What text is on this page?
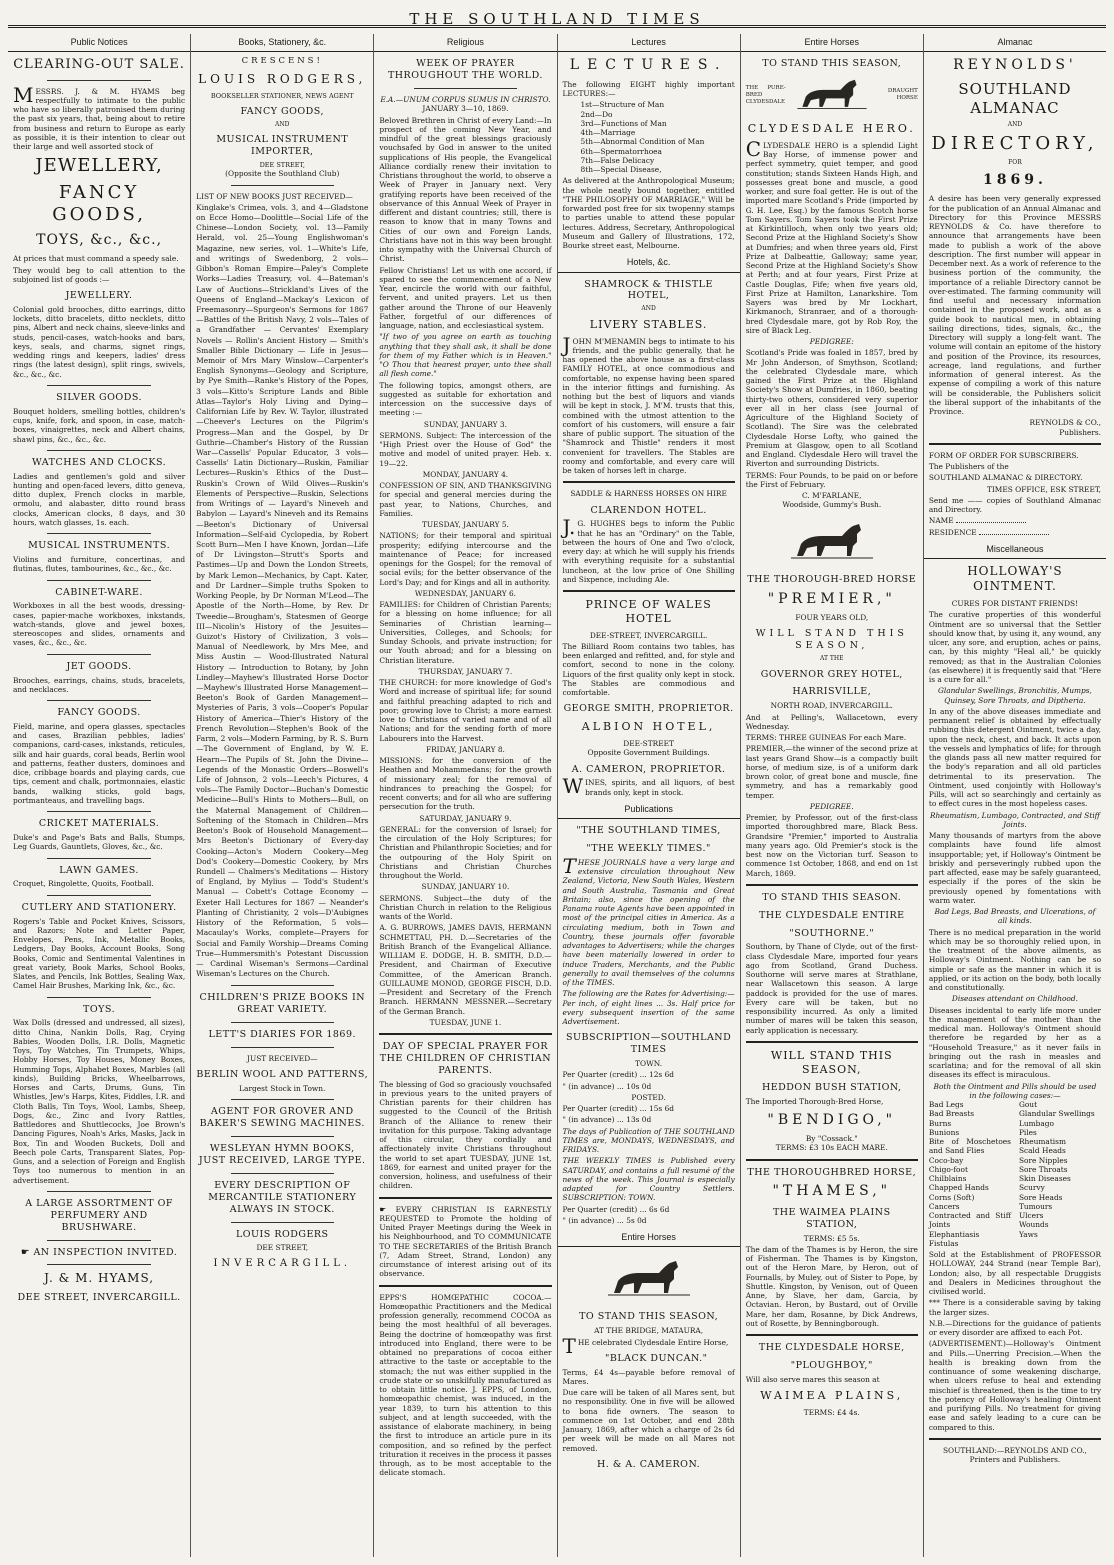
THE SOUTHLAND TIMES
Public Notices
CLEARING-OUT SALE.

MESSRS. J. & M. HYAMS beg respectfully to intimate to the public who have so liberally patronised them during the past six years, that, being about to retire from business and return to Europe as early as possible, it is their intention to clear out their large and well assorted stock of

JEWELLERY,
FANCY GOODS,
TOYS, &c., &c.,

At prices that must command a speedy sale.

They would beg to call attention to the subjoined list of goods :—

JEWELLERY.

Colonial gold brooches, ditto earrings, ditto lockets, ditto bracelets, ditto necklets, ditto pins, Albert and neck chains, sleeve-links and studs, pencil-cases, watch-hooks and bars, keys, seals, and charms, signet rings, wedding rings and keepers, ladies' dress rings (the latest design), split rings, swivels, &c., &c., &c.

SILVER GOODS.

Bouquet holders, smelling bottles, children's cups, knife, fork, and spoon, in case, match-boxes, vinaigrettes, neck and Albert chains, shawl pins, &c., &c., &c.

WATCHES AND CLOCKS.

Ladies and gentlemen's gold and silver hunting and open-faced levers, ditto geneva, ditto duplex, French clocks in marble, ormolu, and alabaster, ditto round brass clocks, American clocks, 8 days, and 30 hours, watch glasses, 1s. each.

MUSICAL INSTRUMENTS.

Violins and furniture, concertinas, and flutinas, flutes, tambourines, &c., &c., &c.

CABINET-WARE.

Workboxes in all the best woods, dressing-cases, papier-mache workboxes, inkstands, watch-stands, glove and jewel boxes, stereoscopes and slides, ornaments and vases, &c., &c., &c.

JET GOODS.

Brooches, earrings, chains, studs, bracelets, and necklaces.

FANCY GOODS.

Field, marine, and opera glasses, spectacles and cases, Brazilian pebbles, ladies' companions, card-cases, inkstands, reticules, silk and hair guards, coral beads, Berlin wool and patterns, feather dusters, dominoes and dice, cribbage boards and playing cards, cue tips, cement and chalk, portmonnaies, elastic bands, walking sticks, gold bags, portmanteaus, and travelling bags.

CRICKET MATERIALS.

Duke's and Page's Bats and Balls, Stumps, Leg Guards, Gauntlets, Gloves, &c., &c.

LAWN GAMES.

Croquet, Ringolette, Quoits, Football.

CUTLERY AND STATIONERY.

Rogers's Table and Pocket Knives, Scissors, and Razors; Note and Letter Paper, Envelopes, Pens, Ink, Metallic Books, Ledgers, Day Books, Account Books, Song Books, Comic and Sentimental Valentines in great variety, Book Marks, School Books, Slates, and Pencils, Ink Bottles, Sealing Wax, Camel Hair Brushes, Marking Ink, &c., &c.

TOYS.

Wax Dolls (dressed and undressed, all sizes), ditto China, Nankin Dolls, Rag, Crying Babies, Wooden Dolls, I.R. Dolls, Magnetic Toys, Toy Watches, Tin Trumpets, Whips, Hobby Horses, Toy Houses, Money Boxes, Humming Tops, Alphabet Boxes, Marbles (all kinds), Building Bricks, Wheelbarrows, Horses and Carts, Drums, Guns, Tin Whistles, Jew's Harps, Kites, Fiddles, I.R. and Cloth Balls, Tin Toys, Wool, Lambs, Sheep, Dogs, &c., Zinc and Ivory Rattles, Battledores and Shuttlecocks, Joe Brown's Dancing Figures, Noah's Arks, Masks, Jack in Box, Tin and Wooden Buckets, Doll and Beech pole Carts, Transparent Slates, Pop-Guns, and a selection of Foreign and English Toys too numerous to mention in an advertisement.

A LARGE ASSORTMENT OF PERFUMERY AND BRUSHWARE.
☛ AN INSPECTION INVITED.
J. & M. HYAMS,
DEE STREET, INVERCARGILL.
Books, Stationery, &c.
CRESCENS!
LOUIS RODGERS,
BOOKSELLER STATIONER, NEWS AGENT
FANCY GOODS,
AND
MUSICAL INSTRUMENT IMPORTER,
DEE STREET,
(Opposite the Southland Club)

LIST OF NEW BOOKS JUST RECEIVED—

Kinglake's Crimea, vols. 3, and 4—Gladstone on Ecce Homo—Doolittle—Social Life of the Chinese—London Society, vol. 13—Family Herald, vol. 25—Young Englishwoman's Magazine, new series, vol. 1—White's Life, and writings of Swedenborg, 2 vols—Gibbon's Roman Empire—Paley's Complete Works—Ladies Treasury, vol. 4—Bateman's Law of Auctions—Strickland's Lives of the Queens of England—Mackay's Lexicon of Freemasonry—Spurgeon's Sermons for 1867—Battles of the British Navy, 2 vols—Tales of a Grandfather — Cervantes' Exemplary Novels — Rollin's Ancient History — Smith's Smaller Bible Dictionary — Life in Jesus—Memoir of Mrs Mary Winslow—Carpenter's English Synonyms—Geology and Scripture, by Pye Smith—Ranke's History of the Popes, 3 vols—Kitto's Scripture Lands and Bible Atlas—Taylor's Holy Living and Dying—Californian Life by Rev. W. Taylor, illustrated—Cheever's Lectures on the Pilgrim's Progress—Man and the Gospel, by Dr Guthrie—Chamber's History of the Russian War—Cassells' Popular Educator, 3 vols—Cassells' Latin Dictionary—Ruskin, Familiar Lectures—Ruskin's Ethics of the Dust—Ruskin's Crown of Wild Olives—Ruskin's Elements of Perspective—Ruskin, Selections from Writings of — Layard's Nineveh and Babylon — Layard's Nineveh and its Remains—Beeton's Dictionary of Universal Information—Self-aid Cyclopedia, by Robert Scott Burn—Men I have Known, Jordan—Life of Dr Livingston—Strutt's Sports and Pastimes—Up and Down the London Streets, by Mark Lemon—Mechanics, by Capt. Kater, and Dr Lardner—Simple truths Spoken to Working People, by Dr Norman M'Leod—The Apostle of the North—Home, by Rev. Dr Tweedie—Brougham's, Statesmen of George III—Nicolin's History of the Jesuites—Guizot's History of Civilization, 3 vols—Manual of Needlework, by Mrs Mee, and Miss Austin — Wood-Illustrated Natural History — Introduction to Botany, by John Lindley—Mayhew's Illustrated Horse Doctor—Mayhew's Illustrated Horse Management—Beeton's Book of Garden Management—Mysteries of Paris, 3 vols—Cooper's Popular History of America—Thier's History of the French Revolution—Stephen's Book of the Farm, 2 vols—Modern Farming, by R. S. Burn—The Government of England, by W. E. Hearn—The Pupils of St. John the Divine—Legends of the Monastic Orders—Boswell's Life of Johnson, 2 vols—Leech's Pictures, 4 vols—The Family Doctor—Buchan's Domestic Medicine—Bull's Hints to Mothers—Bull, on the Maternal Management of Children—Softening of the Stomach in Children—Mrs Beeton's Book of Household Management—Mrs Beeton's Dictionary of Every-day Cooking—Acton's Modern Cookery—Meg Dod's Cookery—Domestic Cookery, by Mrs Rundell — Chalmers's Meditations — History of England, by Mylius — Todd's Student's Manual — Cobett's Cottage Economy — Exeter Hall Lectures for 1867 — Neander's Planting of Christianity, 2 vols—D'Aubignes History of the Reformation, 5 vols—Macaulay's Works, complete—Prayers for Social and Family Worship—Dreams Coming True—Hummersmith's Potestant Discussion — Cardinal Wiseman's Sermons—Cardinal Wiseman's Lectures on the Church.

CHILDREN'S PRIZE BOOKS IN GREAT VARIETY.
LETT'S DIARIES FOR 1869.
JUST RECEIVED—
BERLIN WOOL AND PATTERNS,
Largest Stock in Town.
AGENT FOR GROVER AND BAKER'S SEWING MACHINES.
WESLEYAN HYMN BOOKS, JUST RECEIVED, LARGE TYPE.
EVERY DESCRIPTION OF MERCANTILE STATIONERY ALWAYS IN STOCK.
LOUIS RODGERS
DEE STREET,
INVERCARGILL.
Religious
WEEK OF PRAYER THROUGHOUT THE WORLD.
E.A.—UNUM CORPUS SUMUS IN CHRISTO.
JANUARY 3—10, 1869.

Beloved Brethren in Christ of every Land:—In prospect of the coming New Year, and mindful of the great blessings graciously vouchsafed by God in answer to the united supplications of His people, the Evangelical Alliance cordially renew their invitation to Christians throughout the world, to observe a Week of Prayer in January next. Very gratifying reports have been received of the observance of this Annual Week of Prayer in different and distant countries; still, there is reason to know that in many Towns and Cities of our own and Foreign Lands, Christians have not in this way been brought into sympathy with the Universal Church of Christ.

Fellow Christians! Let us with one accord, if spared to see the commencement of a New Year, encircle the world with our faithful, fervent, and united prayers. Let us then gather around the Throne of our Heavenly Father, forgetful of our differences of language, nation, and ecclesiastical system.

"If two of you agree on earth as touching anything that they shall ask, it shall be done for them of my Father which is in Heaven." "O Thou that hearest prayer, unto thee shall all flesh come."

The following topics, amongst others, are suggested as suitable for exhortation and intercession on the successive days of meeting :—

SUNDAY, JANUARY 3.

SERMONS. Subject: The intercession of the "High Priest over the House of God" the motive and model of united prayer. Heb. x. 19—22.

MONDAY, JANUARY 4.

CONFESSION OF SIN, AND THANKSGIVING for special and general mercies during the past year, to Nations, Churches, and Families.

TUESDAY, JANUARY 5.

NATIONS; for their temporal and spiritual prosperity; edifying intercourse and the maintenance of Peace; for increased openings for the Gospel; for the removal of social evils; for the better observance of the Lord's Day; and for Kings and all in authority.

WEDNESDAY, JANUARY 6.

FAMILIES: for Children of Christian Parents; for a blessing on home influence; for all Seminaries of Christian learning—Universities, Colleges, and Schools; for Sunday Schools, and private instruction; for our Youth abroad; and for a blessing on Christian literature.

THURSDAY, JANUARY 7.

THE CHURCH: for more knowledge of God's Word and increase of spiritual life; for sound and faithful preaching adapted to rich and poor; growing love to Christ; a more earnest love to Christians of varied name and of all Nations; and for the sending forth of more Labourers into the Harvest.

FRIDAY, JANUARY 8.

MISSIONS: for the conversion of the Heathen and Mohammedans; for the growth of missionary zeal; for the removal of hindrances to preaching the Gospel; for recent converts; and for all who are suffering persecution for the truth.

SATURDAY, JANUARY 9.

GENERAL: for the conversion of Israel; for the circulation of the Holy Scriptures; for Christian and Philanthropic Societies; and for the outpouring of the Holy Spirit on Christians and Christian Churches throughout the World.

SUNDAY, JANUARY 10.

SERMONS. Subject—the duty of the Christian Church in relation to the Religious wants of the World.

A. G. BURROWS, JAMES DAVIS, HERMANN SCHMETTAU, PH. D.—Secretaries of the British Branch of the Evangelical Alliance. WILLIAM E. DODGE, H. B. SMITH, D.D.—President, and Chairman of Executive Committee, of the American Branch. GUILLAUME MONOD, GEORGE FISCH, D.D.—President and Secretary of the French Branch. HERMANN MESSNER.—Secretary of the German Branch.

TUESDAY, JUNE 1.
DAY OF SPECIAL PRAYER FOR THE CHILDREN OF CHRISTIAN PARENTS.

The blessing of God so graciously vouchsafed in previous years to the united prayers of Christian parents for their children has suggested to the Council of the British Branch of the Alliance to renew their invitation for this purpose. Taking advantage of this circular, they cordially and affectionately invite Christians throughout the world to set apart TUESDAY, JUNE 1st, 1869, for earnest and united prayer for the conversion, holiness, and usefulness of their children.

☛ EVERY CHRISTIAN IS EARNESTLY REQUESTED to Promote the holding of United Prayer Meetings during the Week in his Neighbourhood, and TO COMMUNICATE TO THE SECRETARIES of the British Branch (7, Adam Street, Strand, London) any circumstance of interest arising out of its observance.

EPPS'S HOMŒPATHIC COCOA.—Homœopathic Practitioners and the Medical profession generally, recommend COCOA as being the most healthful of all beverages. Being the doctrine of homœopathy was first introduced into England, there were to be obtained no preparations of cocoa either attractive to the taste or acceptable to the stomach; the nut was either supplied in the crude state or so unskilfully manufactured as to obtain little notice. J. EPPS, of London, homœopathic chemist, was induced, in the year 1839, to turn his attention to this subject, and at length succeeded, with the assistance of elaborate machinery, in being the first to introduce an article pure in its composition, and so refined by the perfect trituration it receives in the process it passes through, as to be most acceptable to the delicate stomach.

Lectures
LECTURES.

The following EIGHT highly important LECTURES:—

1st—Structure of Man
2nd—Do
3rd—Functions of Man
4th—Marriage
5th—Abnormal Condition of Man
6th—Spermatorrhoea
7th—False Delicacy
8th—Special Disease,

As delivered at the Anthropological Museum; the whole neatly bound together, entitled "THE PHILOSOPHY OF MARRIAGE," Will be forwarded post free for six twopenny stamps to parties unable to attend these popular lectures. Address, Secretary, Anthropological Museum and Gallery of Illustrations, 172, Bourke street east, Melbourne.

Hotels, &c.
SHAMROCK & THISTLE HOTEL,
AND
LIVERY STABLES.

JOHN M'MENAMIN begs to intimate to his friends, and the public generally, that he has opened the above house as a first-class FAMILY HOTEL, at once commodious and comfortable, no expense having been spared in the interior fittings and furnishing. As nothing but the best of liquors and viands will be kept in stock, J. M'M. trusts that this, combined with the utmost attention to the comfort of his customers, will ensure a fair share of public support. The situation of the "Shamrock and Thistle" renders it most convenient for travellers. The Stables are roomy and comfortable, and every care will be taken of horses left in charge.

SADDLE & HARNESS HORSES ON HIRE
CLARENDON HOTEL.

J.G. HUGHES begs to inform the Public that he has an "Ordinary" on the Table, between the hours of One and Two o'clock, every day: at which he will supply his friends with everything requisite for a substantial luncheon, at the low price of One Shilling and Sixpence, including Ale.

PRINCE OF WALES HOTEL
DEE-STREET, INVERCARGILL.

The Billiard Room contains two tables, has been enlarged and refitted, and, for style and comfort, second to none in the colony. Liquors of the first quality only kept in stock. The Stables are commodious and comfortable.

GEORGE SMITH, PROPRIETOR.
ALBION HOTEL,
DEE-STREET
Opposite Government Buildings.
A. CAMERON, PROPRIETOR.

WINES, spirits, and all liquors, of best brands only, kept in stock.

Publications
"THE SOUTHLAND TIMES,
"THE WEEKLY TIMES."

THESE JOURNALS have a very large and extensive circulation throughout New Zealand, Victoria, New South Wales, Western and South Australia, Tasmania and Great Britain; also, since the opening of the Panama route Agents have been appointed in most of the principal cities in America. As a circulating medium, both in Town and Country, these journals offer favorable advantages to Advertisers; while the charges have been materially lowered in order to induce Traders, Merchants, and the Public generally to avail themselves of the columns of the TIMES.

The following are the Rates for Advertising:— Per inch, of eight lines ... 3s. Half price for every subsequent insertion of the same Advertisement.

SUBSCRIPTION—SOUTHLAND TIMES
TOWN.

Per Quarter (credit) ... 12s 6d

" (in advance) ... 10s 0d

POSTED.

Per Quarter (credit) ... 15s 6d

" (in advance) ... 13s 0d

The days of Publication of THE SOUTHLAND TIMES are, MONDAYS, WEDNESDAYS, and FRIDAYS.

THE WEEKLY TIMES is Published every SATURDAY, and contains a full resumé of the news of the week. This Journal is especially adapted for Country Settlers. SUBSCRIPTION: TOWN.

Per Quarter (credit) ... 6s 6d

" (in advance) ... 5s 0d

Entire Horses
TO STAND THIS SEASON,
AT THE BRIDGE, MATAURA,

THE celebrated Clydesdale Entire Horse,

"BLACK DUNCAN."

Terms, £4 4s—payable before removal of Mares.

Due care will be taken of all Mares sent, but no responsibility. One in five will be allowed to bona fide owners. The season to commence on 1st October, and end 28th January, 1869, after which a charge of 2s 6d per week will be made on all Mares not removed.

H. & A. CAMERON.
Entire Horses
TO STAND THIS SEASON,
THE PURE-BRED CLYDESDALE
DRAUGHT HORSE
CLYDESDALE HERO.

CLYDESDALE HERO is a splendid Light Bay Horse, of immense power and perfect symmetry, quiet temper, and good constitution; stands Sixteen Hands High, and possesses great bone and muscle, a good worker, and sure foal getter. He is out of the imported mare Scotland's Pride (imported by G. H. Lee, Esq.) by the famous Scotch horse Tom Sayers. Tom Sayers took the First Prize at Kirkintilloch, when only two years old; Second Prize at the Highland Society's Show at Dumfries; and when three years old, First Prize at Dalbeattie, Galloway; same year, Second Prize at the Highland Society's Show at Perth; and at four years, First Prize at Castle Douglas, Fife; when five years old, First Prize at Hamilton, Lanarkshire. Tom Sayers was bred by Mr Lockhart, Kirkmanoch, Stranraer, and of a thorough-bred Clydesdale mare, got by Rob Roy, the sire of Black Leg.

PEDIGREE:

Scotland's Pride was foaled in 1857, bred by Mr John Anderson, of Smythson, Scotland; the celebrated Clydesdale mare, which gained the First Prize at the Highland Society's Show at Dumfries, in 1860, beating thirty-two others, considered very superior ever all in her class (see Journal of Agriculture of the Highland Society of Scotland). The Sire was the celebrated Clydesdale Horse Lofty, who gained the Premium at Glasgow, open to all Scotland and England. Clydesdale Hero will travel the Riverton and surrounding Districts.

TERMS: Four Pounds, to be paid on or before the First of February.

C. M'FARLANE,
Woodside, Gummy's Bush.
THE THOROUGH-BRED HORSE
"PREMIER,"
FOUR YEARS OLD,
WILL STAND THIS SEASON,
AT THE
GOVERNOR GREY HOTEL,
HARRISVILLE,
NORTH ROAD, INVERCARGILL.

And at Pelling's, Wallacetown, every Wednesday.

TERMS: THREE GUINEAS For each Mare.

PREMIER,—the winner of the second prize at last years Grand Show—is a compactly built horse, of medium size, is of a uniform dark brown color, of great bone and muscle, fine symmetry, and has a remarkably good temper.

PEDIGREE.

Premier, by Professor, out of the first-class imported thoroughbred mare, Black Bess. Grandsire "Premier," imported to Australia many years ago. Old Premier's stock is the best now on the Victorian turf. Season to commence 1st October, 1868, and end on 1st March, 1869.

TO STAND THIS SEASON.
THE CLYDESDALE ENTIRE
"SOUTHORNE."

Southorn, by Thane of Clyde, out of the first-class Clydesdale Mare, imported four years ago from Scotland, Grand Duchess. Southorne will serve mares at Strathlane, near Wallacetown this season. A large paddock is provided for the use of mares. Every care will be taken, but no responsibility incurred. As only a limited number of mares will be taken this season, early application is necessary.

WILL STAND THIS SEASON,
HEDDON BUSH STATION,

The Imported Thorough-Bred Horse,

"BENDIGO,"
By "Cossack."
TERMS: £3 10s EACH MARE.
THE THOROUGHBRED HORSE,
"THAMES,"
THE WAIMEA PLAINS STATION,
TERMS: £5 5s.

The dam of the Thames is by Heron, the sire of Fisherman. The Thames is by Kingston, out of the Heron Mare, by Heron, out of Fournalls, by Muley, out of Sister to Pope, by Shuttle. Kingston, by Venison, out of Queen Anne, by Slave, her dam, Garcia, by Octavian. Heron, by Bustard, out of Orville Mare, her dam, Rosanne, by Dick Andrews, out of Rosette, by Benningborough.

THE CLYDESDALE HORSE,
"PLOUGHBOY,"

Will also serve mares this season at

WAIMEA PLAINS,
TERMS: £4 4s.
Almanac
REYNOLDS'
SOUTHLAND ALMANAC
AND
DIRECTORY,
FOR
1869.

A desire has been very generally expressed for the publication of an Annual Almanac and Directory for this Province MESSRS REYNOLDS & Co. have therefore to announce that arrangements have been made to publish a work of the above description. The first number will appear in December next. As a work of reference to the business portion of the community, the importance of a reliable Directory cannot be over-estimated. The farming community will find useful and necessary information contained in the proposed work, and as a guide book to nautical men, in obtaining sailing directions, tides, signals, &c., the Directory will supply a long-felt want. The volume will contain an epitome of the history and position of the Province, its resources, acreage, land regulations, and further information of general interest. As the expense of compiling a work of this nature will be considerable, the Publishers solicit the liberal support of the inhabitants of the Province.

REYNOLDS & CO.,
Publishers.

FORM OF ORDER FOR SUBSCRIBERS.

The Publishers of the

SOUTHLAND ALMANAC & DIRECTORY.

TIMES OFFICE, ESK STREET,

Send me —— copies of Southland Almanac and Directory.

NAME

RESIDENCE

Miscellaneous
HOLLOWAY'S OINTMENT.
CURES FOR DISTANT FRIENDS!

The curative properties of this wonderful Ointment are so universal that the Settler should know that, by using it, any wound, any ulcer, any sore, and eruption, aches or pains, can, by this mighty "Heal all," be quickly removed; as that in the Australian Colonies (as elsewhere) it is frequently said that "Here is a cure for all."

Glandular Swellings, Bronchitis, Mumps, Quinsey, Sore Throats, and Diptheria.

In any of the above diseases immediate and permanent relief is obtained by effectually rubbing this detergent Ointment, twice a day, upon the neck, chest, and back. It acts upon the vessels and lymphatics of life; for through the glands pass all new matter required for the body's reparation and all old particles detrimental to its preservation. The Ointment, used conjointly with Holloway's Pills, will act so searchingly and certainly as to effect cures in the most hopeless cases.

Rheumatism, Lumbago, Contracted, and Stiff Joints.

Many thousands of martyrs from the above complaints have found life almost insupportable; yet, if Holloway's Ointment be briskly and perseveringly rubbed upon the part affected, ease may be safely guaranteed, especially if the pores of the skin be previously opened by fomentations with warm water.

Bad Legs, Bad Breasts, and Ulcerations, of all kinds.

There is no medical preparation in the world which may be so thoroughly relied upon, in the treatment of the above ailments, as Holloway's Ointment. Nothing can be so simple or safe as the manner in which it is applied, or its action on the body, both locally and constitutionally.

Diseases attendant on Childhood.

Diseases incidental to early life more under the management of the mother than the medical man. Holloway's Ointment should therefore be regarded by her as a "Household Treasure," as it never fails in bringing out the rash in measles and scarlatina; and for the removal of all skin diseases its effect is miraculous.

Both the Ointment and Pills should be used in the following cases:—
Bad Legs
Bad Breasts
Burns
Bunions
Bite of Moschetoes and Sand Flies
Coco-bay
Chigo-foot
Chilblains
Chapped Hands
Corns (Soft)
Cancers
Contracted and Stiff Joints
Elephantiasis
Fistulas
Gout
Glandular Swellings
Lumbago
Piles
Rheumatism
Scald Heads
Sore Nipples
Sore Throats
Skin Diseases
Scurvy
Sore Heads
Tumours
Ulcers
Wounds
Yaws

Sold at the Establishment of PROFESSOR HOLLOWAY, 244 Strand (near Temple Bar), London; also, by all respectable Druggists and Dealers in Medicines throughout the civilised world.

*** There is a considerable saving by taking the larger sizes.

N.B.—Directions for the guidance of patients or every disorder are affixed to each Pot.

(ADVERTISEMENT.)—Holloway's Ointment and Pills.—Unerring Precision.—When the health is breaking down from the continuance of some weakening discharge, when ulcers refuse to heal and extending mischief is threatened, then is the time to try the potency of Holloway's healing Ointment and purifying Pills. No treatment for giving ease and safely leading to a cure can be compared to this.

SOUTHLAND:—REYNOLDS AND CO., Printers and Publishers.
